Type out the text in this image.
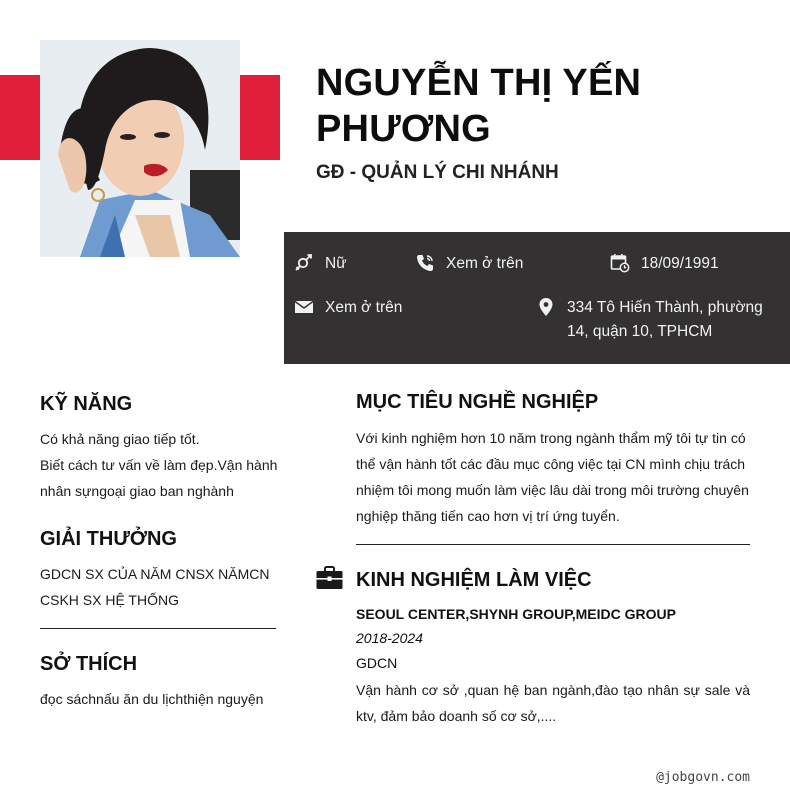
NGUYỄN THỊ YẾN PHƯƠNG
GĐ - QUẢN LÝ CHI NHÁNH
Nữ	Xem ở trên	18/09/1991
Xem ở trên	334 Tô Hiến Thành, phường 14, quận 10, TPHCM
KỸ NĂNG
Có khả năng giao tiếp tốt.
Biết cách tư vấn về làm đẹp.Vận hành
nhân sựngoại giao ban nghành
GIẢI THƯỞNG
GDCN SX CỦA NĂM CNSX NĂMCN
CSKH SX HỆ THỐNG
SỞ THÍCH
đọc sáchnấu ăn du lịchthiện nguyện
MỤC TIÊU NGHỀ NGHIỆP
Với kinh nghiệm hơn 10 năm trong ngành thẩm mỹ tôi tự tin có
thể vận hành tốt các đầu mục công việc tại CN mình chịu trách
nhiệm tôi mong muốn làm việc lâu dài trong môi trường chuyên
nghiệp thăng tiến cao hơn vị trí ứng tuyển.
KINH NGHIỆM LÀM VIỆC
SEOUL CENTER,SHYNH GROUP,MEIDC GROUP
2018-2024
GDCN
Vận hành cơ sở ,quan hệ ban ngành,đào tạo nhân sự sale và ktv, đảm bảo doanh số cơ sở,....
@jobgovn.com
